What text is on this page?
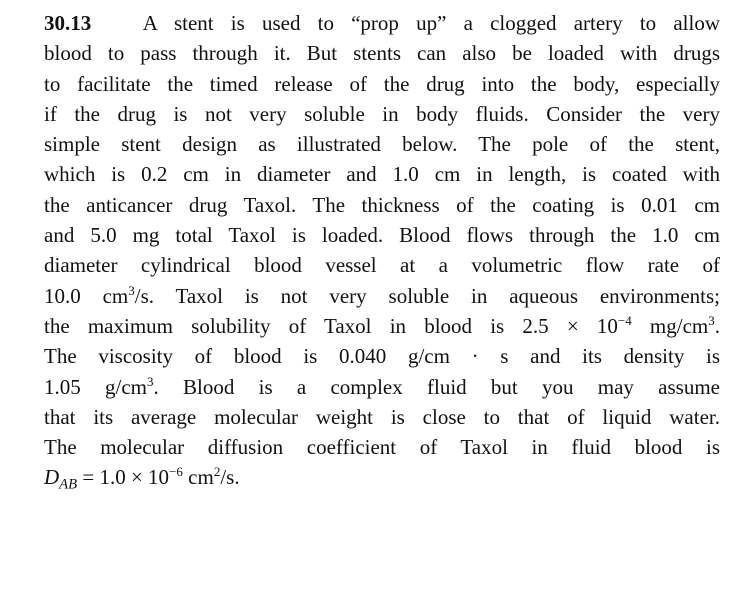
30.13 A stent is used to “prop up” a clogged artery to allow
blood to pass through it. But stents can also be loaded with drugs
to facilitate the timed release of the drug into the body, especially
if the drug is not very soluble in body fluids. Consider the very
simple stent design as illustrated below. The pole of the stent,
which is 0.2 cm in diameter and 1.0 cm in length, is coated with
the anticancer drug Taxol. The thickness of the coating is 0.01 cm
and 5.0 mg total Taxol is loaded. Blood flows through the 1.0 cm
diameter cylindrical blood vessel at a volumetric flow rate of
10.0 $cm^3/s$. Taxol is not very soluble in aqueous environments;
the maximum solubility of Taxol in blood is $2.5 \times 10^{-4}$ $mg/cm^3$.
The viscosity of blood is 0.040 g/cm · s and its density is
1.05 $g/cm^3$. Blood is a complex fluid but you may assume
that its average molecular weight is close to that of liquid water.
The molecular diffusion coefficient of Taxol in fluid blood is
$D_{AB} = 1.0 \times 10^{-6}$ $cm^2/s$.
